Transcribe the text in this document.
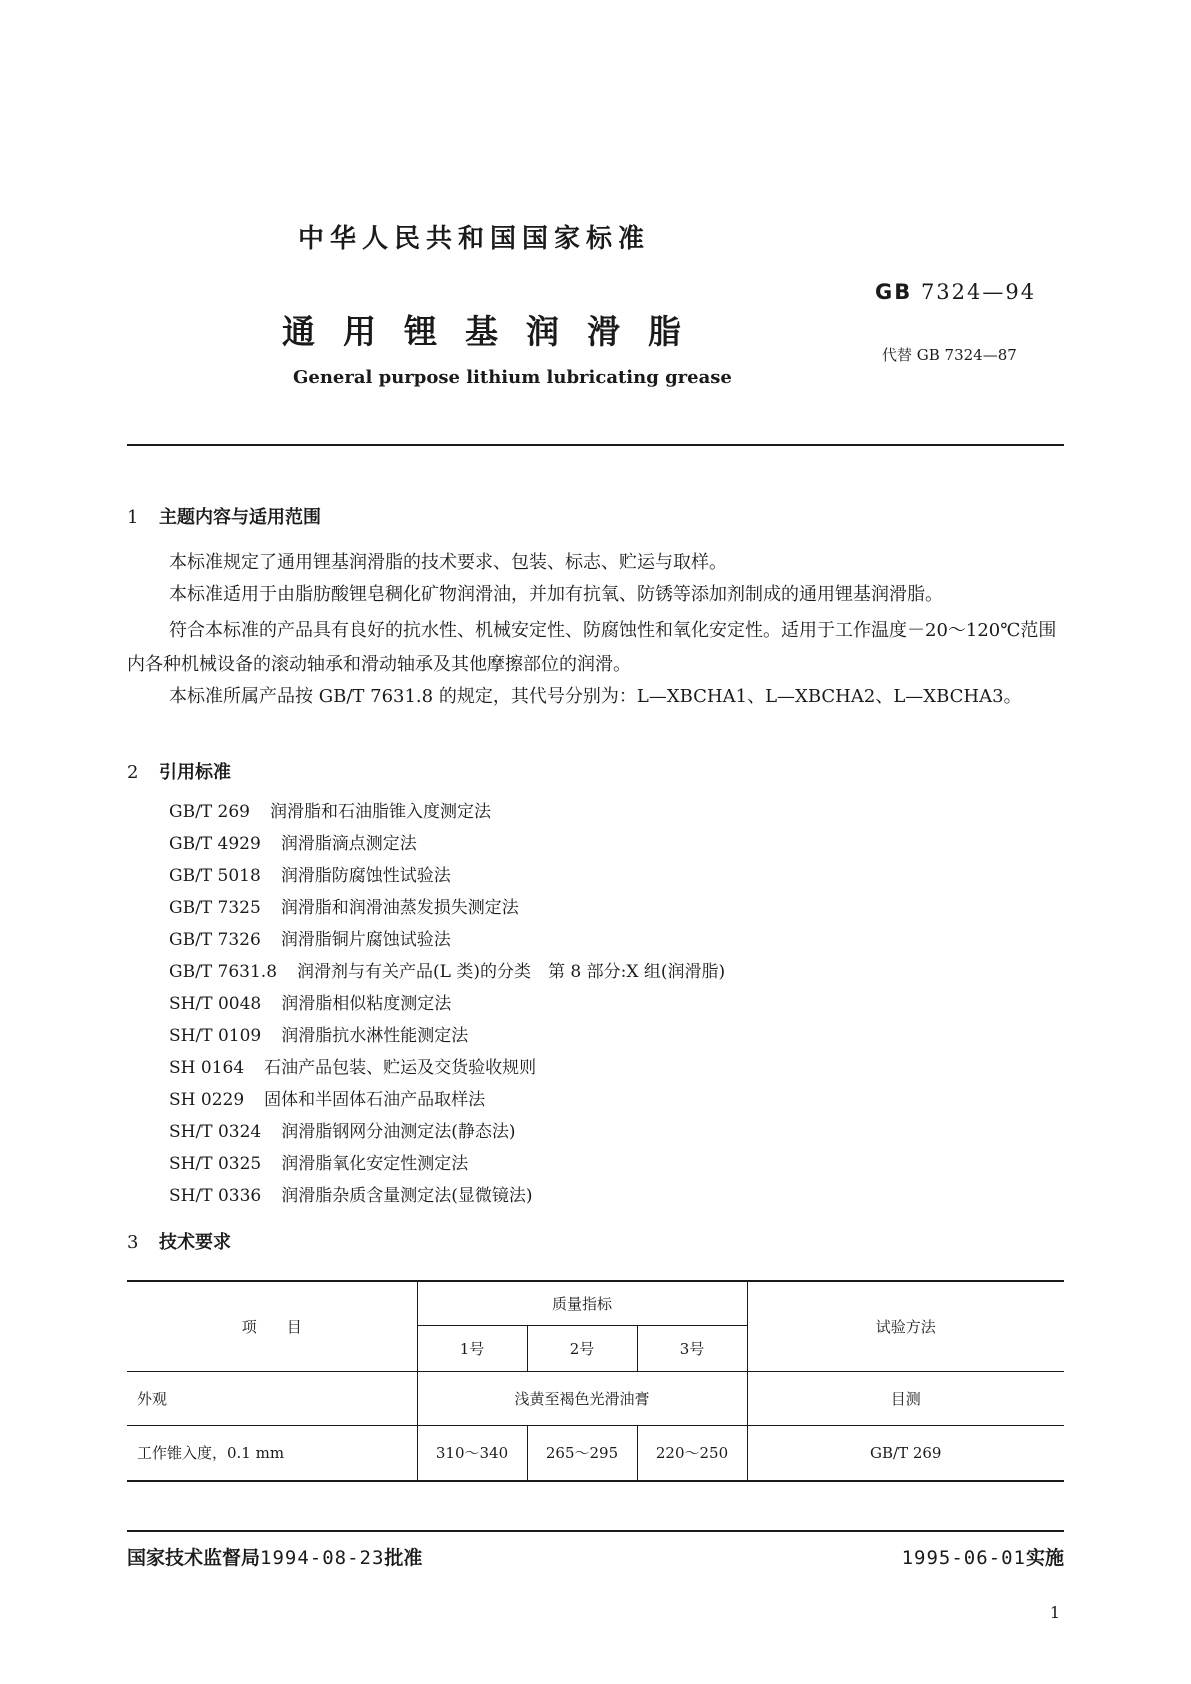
中华人民共和国国家标准
GB 7324—94
通用锂基润滑脂
代替 GB 7324—87
General purpose lithium lubricating grease
1 主题内容与适用范围
本标准规定了通用锂基润滑脂的技术要求、包装、标志、贮运与取样。
本标准适用于由脂肪酸锂皂稠化矿物润滑油，并加有抗氧、防锈等添加剂制成的通用锂基润滑脂。
符合本标准的产品具有良好的抗水性、机械安定性、防腐蚀性和氧化安定性。适用于工作温度－20～120℃范围内各种机械设备的滚动轴承和滑动轴承及其他摩擦部位的润滑。
本标准所属产品按 GB/T 7631.8 的规定，其代号分别为：L—XBCHA1、L—XBCHA2、L—XBCHA3。
2 引用标准
GB/T 269 润滑脂和石油脂锥入度测定法
GB/T 4929 润滑脂滴点测定法
GB/T 5018 润滑脂防腐蚀性试验法
GB/T 7325 润滑脂和润滑油蒸发损失测定法
GB/T 7326 润滑脂铜片腐蚀试验法
GB/T 7631.8 润滑剂与有关产品(L 类)的分类　第 8 部分:X 组(润滑脂)
SH/T 0048 润滑脂相似粘度测定法
SH/T 0109 润滑脂抗水淋性能测定法
SH 0164 石油产品包装、贮运及交货验收规则
SH 0229 固体和半固体石油产品取样法
SH/T 0324 润滑脂钢网分油测定法(静态法)
SH/T 0325 润滑脂氧化安定性测定法
SH/T 0336 润滑脂杂质含量测定法(显微镜法)
3 技术要求
项　　目	质量指标			试验方法
	1号	2号	3号	
外观	浅黄至褐色光滑油膏			目测
工作锥入度，0.1 mm	310～340	265～295	220～250	GB/T 269
国家技术监督局1994-08-23批准	1995-06-01实施
1
